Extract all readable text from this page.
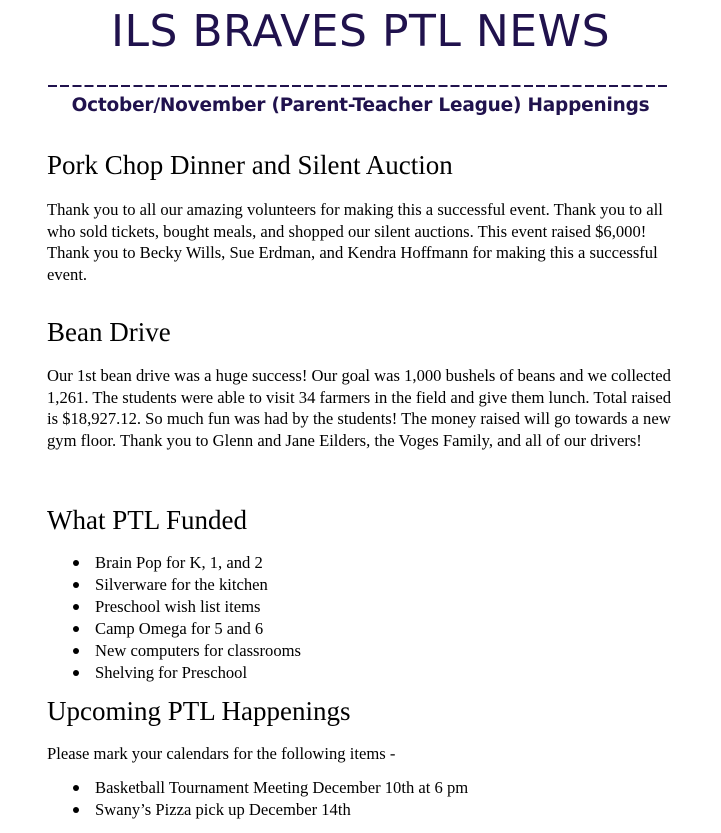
ILS BRAVES PTL NEWS
October/November (Parent-Teacher League) Happenings
Pork Chop Dinner and Silent Auction

Thank you to all our amazing volunteers for making this a successful event. Thank you to all who sold tickets, bought meals, and shopped our silent auctions. This event raised $6,000! Thank you to Becky Wills, Sue Erdman, and Kendra Hoffmann for making this a successful event.

Bean Drive

Our 1st bean drive was a huge success! Our goal was 1,000 bushels of beans and we collected 1,261. The students were able to visit 34 farmers in the field and give them lunch. Total raised is $18,927.12. So much fun was had by the students! The money raised will go towards a new gym floor. Thank you to Glenn and Jane Eilders, the Voges Family, and all of our drivers!

What PTL Funded
Brain Pop for K, 1, and 2
Silverware for the kitchen
Preschool wish list items
Camp Omega for 5 and 6
New computers for classrooms
Shelving for Preschool
Upcoming PTL Happenings

Please mark your calendars for the following items -

Basketball Tournament Meeting December 10th at 6 pm
Swany’s Pizza pick up December 14th
